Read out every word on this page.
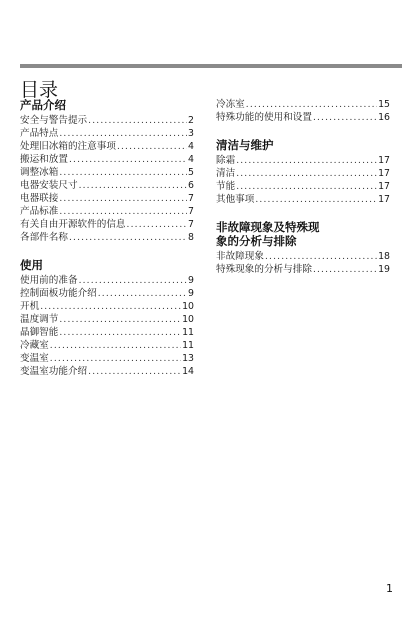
目录
产品介绍
安全与警告提示 .....	2
产品特点 .....	3
处理旧冰箱的注意事项 .....	4
搬运和放置 .....	4
调整冰箱 .....	5
电器安装尺寸 .....	6
电器联接 .....	7
产品标准 .....	7
有关自由开源软件的信息 .....	7
各部件名称 .....	8
使用
使用前的准备 .....	9
控制面板功能介绍 .....	9
开机 .....	10
温度调节 .....	10
晶御智能 .....	11
冷藏室 .....	11
变温室 .....	13
变温室功能介绍 .....	14
冷冻室 .....	15
特殊功能的使用和设置 .....	16
清洁与维护
除霜 .....	17
清洁 .....	17
节能 .....	17
其他事项 .....	17
非故障现象及特殊现
象的分析与排除
非故障现象 .....	18
特殊现象的分析与排除 .....	19
1
